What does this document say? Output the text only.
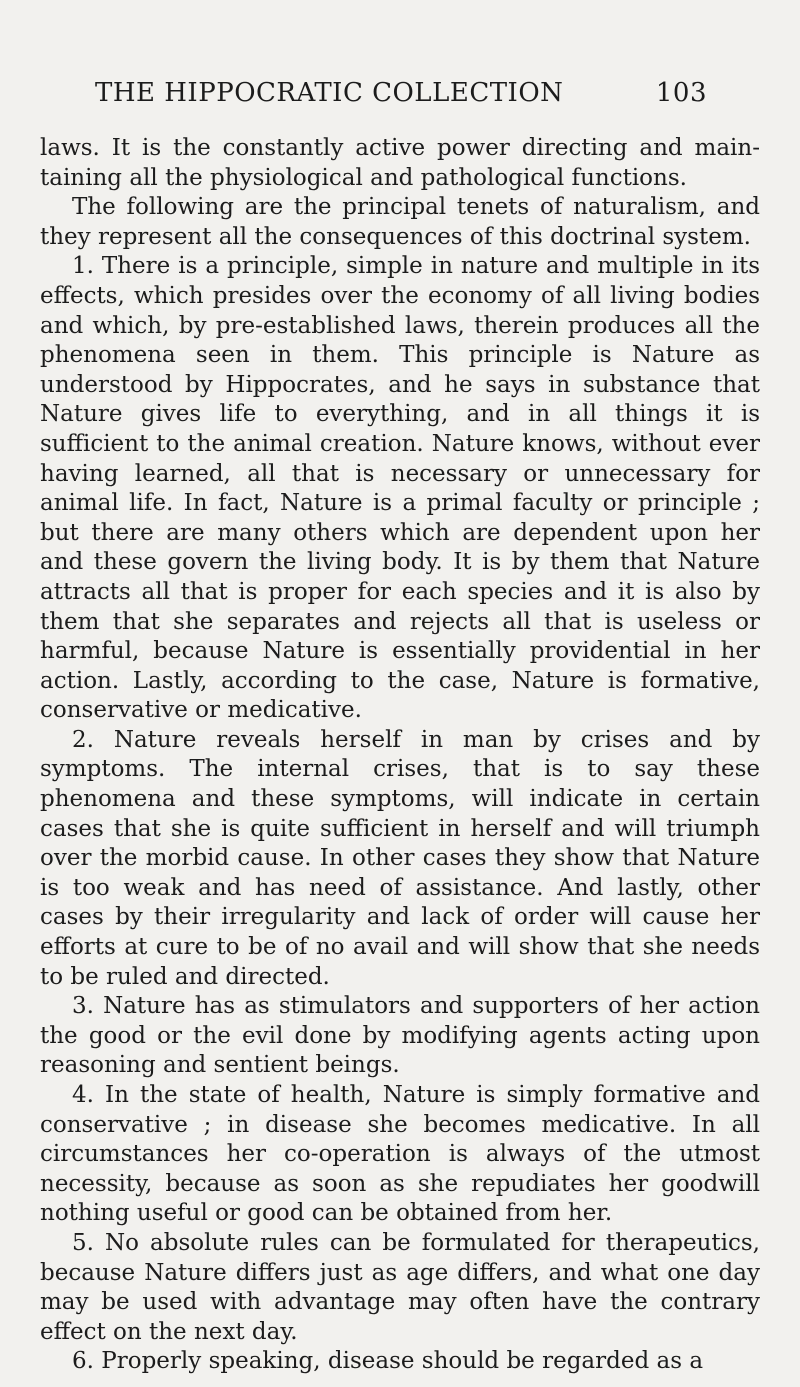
THE HIPPOCRATIC COLLECTION	103

laws. It is the constantly active power directing and main- taining all the physiological and pathological functions.

The following are the principal tenets of naturalism, and they represent all the consequences of this doctrinal system.

1. There is a principle, simple in nature and multiple in its effects, which presides over the economy of all living bodies and which, by pre-established laws, therein produces all the phenomena seen in them. This principle is Nature as understood by Hippocrates, and he says in substance that Nature gives life to everything, and in all things it is sufficient to the animal creation. Nature knows, without ever having learned, all that is necessary or unnecessary for animal life. In fact, Nature is a primal faculty or principle ; but there are many others which are dependent upon her and these govern the living body. It is by them that Nature attracts all that is proper for each species and it is also by them that she separates and rejects all that is useless or harmful, because Nature is essentially providential in her action. Lastly, according to the case, Nature is formative, conservative or medicative.

2. Nature reveals herself in man by crises and by symptoms. The internal crises, that is to say these phenomena and these symptoms, will indicate in certain cases that she is quite sufficient in herself and will triumph over the morbid cause. In other cases they show that Nature is too weak and has need of assistance. And lastly, other cases by their irregularity and lack of order will cause her efforts at cure to be of no avail and will show that she needs to be ruled and directed.

3. Nature has as stimulators and supporters of her action the good or the evil done by modifying agents acting upon reasoning and sentient beings.

4. In the state of health, Nature is simply formative and conservative ; in disease she becomes medicative. In all circumstances her co-operation is always of the utmost necessity, because as soon as she repudiates her goodwill nothing useful or good can be obtained from her.

5. No absolute rules can be formulated for therapeutics, because Nature differs just as age differs, and what one day may be used with advantage may often have the contrary effect on the next day.

6. Properly speaking, disease should be regarded as a
